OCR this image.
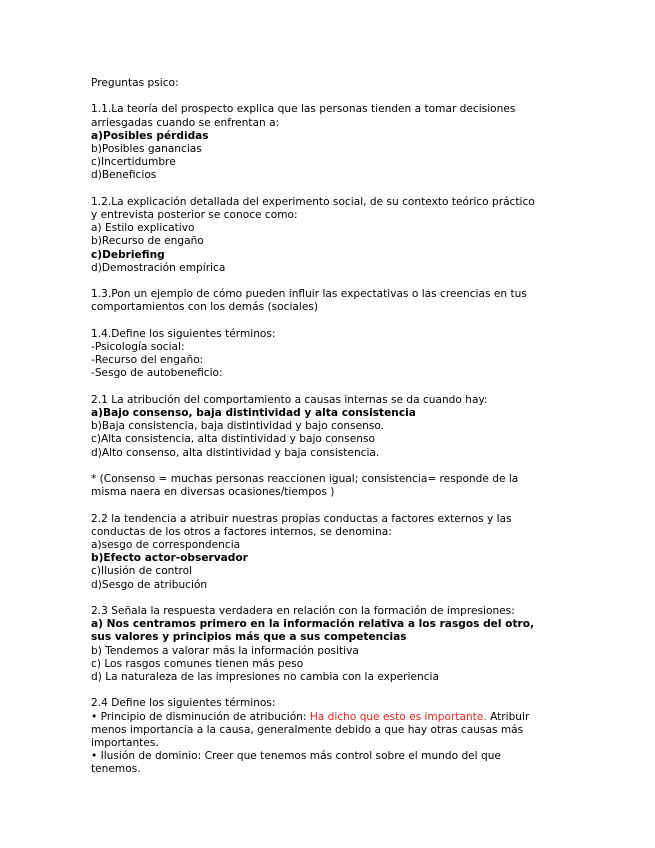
Preguntas psico:
1.1.La teoría del prospecto explica que las personas tienden a tomar decisiones
arriesgadas cuando se enfrentan a:
a)Posibles pérdidas
b)Posibles ganancias
c)Incertidumbre
d)Beneficios
1.2.La explicación detallada del experimento social, de su contexto teórico práctico
y entrevista posterior se conoce como:
a) Estilo explicativo
b)Recurso de engaño
c)Debriefing
d)Demostración empírica
1.3.Pon un ejemplo de cómo pueden influir las expectativas o las creencias en tus
comportamientos con los demás (sociales)
1.4.Define los siguientes términos:
-Psicología social:
-Recurso del engaño:
-Sesgo de autobeneficio:
2.1 La atribución del comportamiento a causas internas se da cuando hay:
a)Bajo consenso, baja distintividad y alta consistencia
b)Baja consistencia, baja distintividad y bajo consenso.
c)Alta consistencia, alta distintividad y bajo consenso
d)Alto consenso, alta distintividad y baja consistencia.
* (Consenso = muchas personas reaccionen igual; consistencia= responde de la
misma naera en diversas ocasiones/tiempos )
2.2 la tendencia a atribuir nuestras propias conductas a factores externos y las
conductas de los otros a factores internos, se denomina:
a)sesgo de correspondencia
b)Efecto actor-observador
c)Ilusión de control
d)Sesgo de atribución
2.3 Señala la respuesta verdadera en relación con la formación de impresiones:
a) Nos centramos primero en la información relativa a los rasgos del otro,
sus valores y principios más que a sus competencias
b) Tendemos a valorar más la información positiva
c) Los rasgos comunes tienen más peso
d) La naturaleza de las impresiones no cambia con la experiencia
2.4 Define los siguientes términos:
• Principio de disminución de atribución: Ha dicho que esto es importante. Atribuir
menos importancia a la causa, generalmente debido a que hay otras causas más
importantes.
• Ilusión de dominio: Creer que tenemos más control sobre el mundo del que
tenemos.
